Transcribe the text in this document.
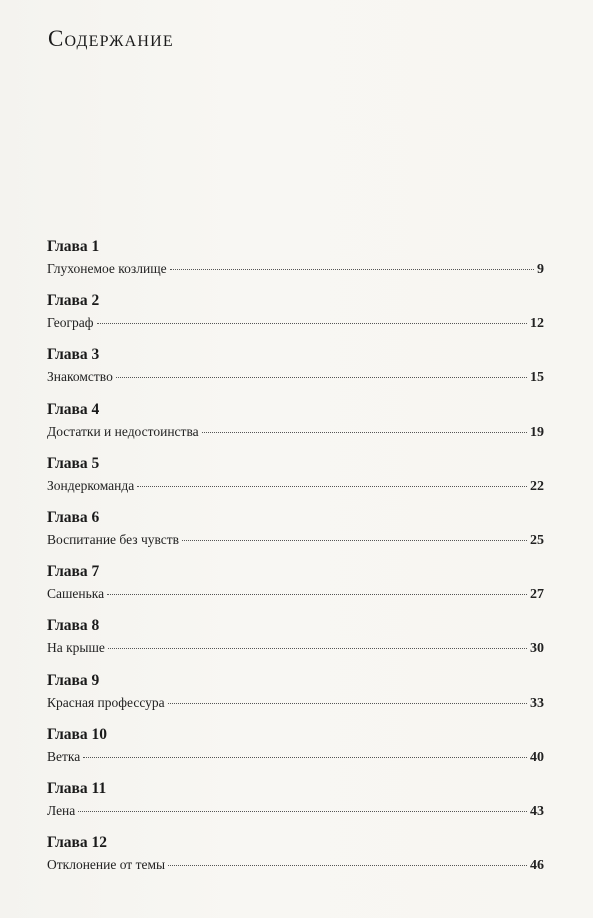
Содержание
Глава 1
Глухонемое козлище	9
Глава 2
Географ	12
Глава 3
Знакомство	15
Глава 4
Достатки и недостоинства	19
Глава 5
Зондеркоманда	22
Глава 6
Воспитание без чувств	25
Глава 7
Сашенька	27
Глава 8
На крыше	30
Глава 9
Красная профессура	33
Глава 10
Ветка	40
Глава 11
Лена	43
Глава 12
Отклонение от темы	46
